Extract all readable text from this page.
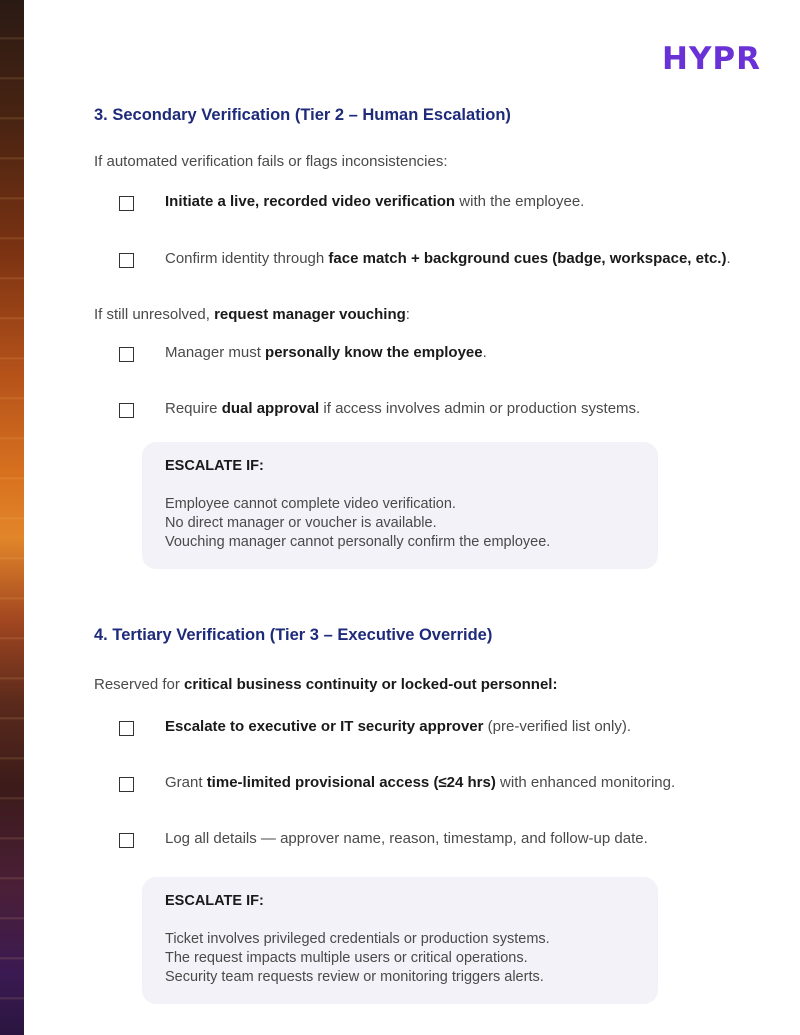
HYPR
3. Secondary Verification (Tier 2 – Human Escalation)
If automated verification fails or flags inconsistencies:
Initiate a live, recorded video verification with the employee.
Confirm identity through face match + background cues (badge, workspace, etc.).
If still unresolved, request manager vouching:
Manager must personally know the employee.
Require dual approval if access involves admin or production systems.
ESCALATE IF:
Employee cannot complete video verification.
No direct manager or voucher is available.
Vouching manager cannot personally confirm the employee.
4. Tertiary Verification (Tier 3 – Executive Override)
Reserved for critical business continuity or locked-out personnel:
Escalate to executive or IT security approver (pre-verified list only).
Grant time-limited provisional access (≤24 hrs) with enhanced monitoring.
Log all details — approver name, reason, timestamp, and follow-up date.
ESCALATE IF:
Ticket involves privileged credentials or production systems.
The request impacts multiple users or critical operations.
Security team requests review or monitoring triggers alerts.
